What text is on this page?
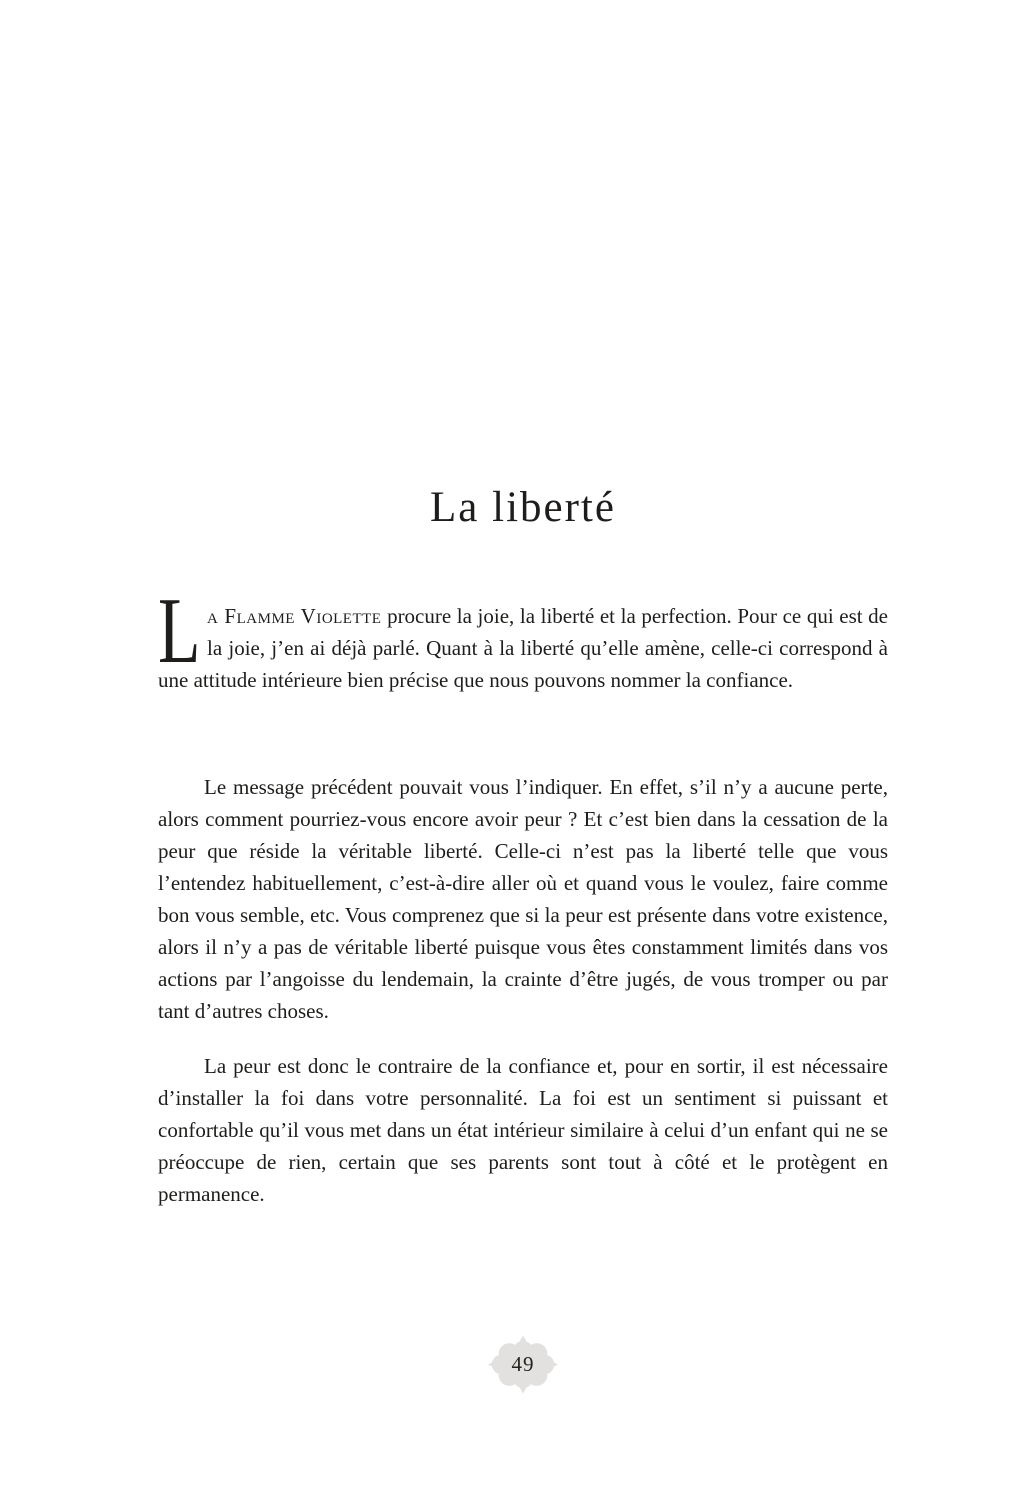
La liberté

La Flamme Violette procure la joie, la liberté et la perfection. Pour ce qui est de la joie, j’en ai déjà parlé. Quant à la liberté qu’elle amène, celle-ci correspond à une attitude intérieure bien précise que nous pouvons nommer la confiance.

Le message précédent pouvait vous l’indiquer. En effet, s’il n’y a aucune perte, alors comment pourriez-vous encore avoir peur ? Et c’est bien dans la cessation de la peur que réside la véritable liberté. Celle-ci n’est pas la liberté telle que vous l’entendez habituellement, c’est-à-dire aller où et quand vous le voulez, faire comme bon vous semble, etc. Vous comprenez que si la peur est présente dans votre existence, alors il n’y a pas de véritable liberté puisque vous êtes constamment limités dans vos actions par l’angoisse du lendemain, la crainte d’être jugés, de vous tromper ou par tant d’autres choses.

La peur est donc le contraire de la confiance et, pour en sortir, il est nécessaire d’installer la foi dans votre personnalité. La foi est un sentiment si puissant et confortable qu’il vous met dans un état intérieur similaire à celui d’un enfant qui ne se préoccupe de rien, certain que ses parents sont tout à côté et le protègent en permanence.

49
